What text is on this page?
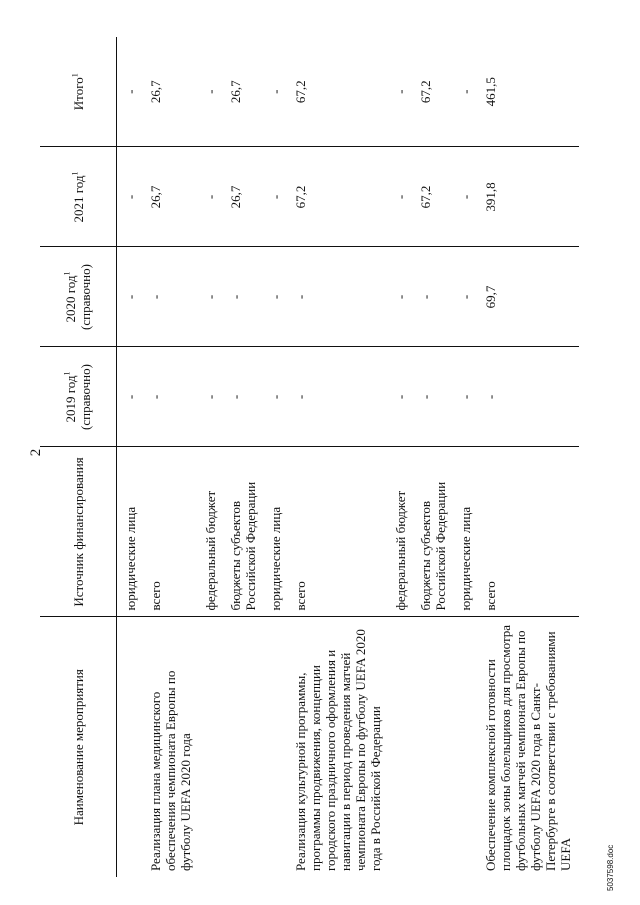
2
Наименование мероприятия	Источник финансирования	2019 год$^1$ (справочно)	2020 год$^1$ (справочно)	2021 год$^1$	Итого$^1$
	юридические лица	-	-	-	-
Реализация плана медицинского обеспечения чемпионата Европы по футболу UEFA 2020 года	всего	-	-	26,7	26,7
	федеральный бюджет	-	-	-	-
	бюджеты субъектов Российской Федерации	-	-	26,7	26,7
	юридические лица	-	-	-	-
Реализация культурной программы, программы продвижения, концепции городского праздничного оформления и навигации в период проведения матчей чемпионата Европы по футболу UEFA 2020 года в Российской Федерации	всего	-	-	67,2	67,2
	федеральный бюджет	-	-	-	-
	бюджеты субъектов Российской Федерации	-	-	67,2	67,2
	юридические лица	-	-	-	-
Обеспечение комплексной готовности площадок зоны болельщиков для просмотра футбольных матчей чемпионата Европы по футболу UEFA 2020 года в Санкт-Петербурге в соответствии с требованиями UEFA	всего	-	69,7	391,8	461,5
5037598.doc
